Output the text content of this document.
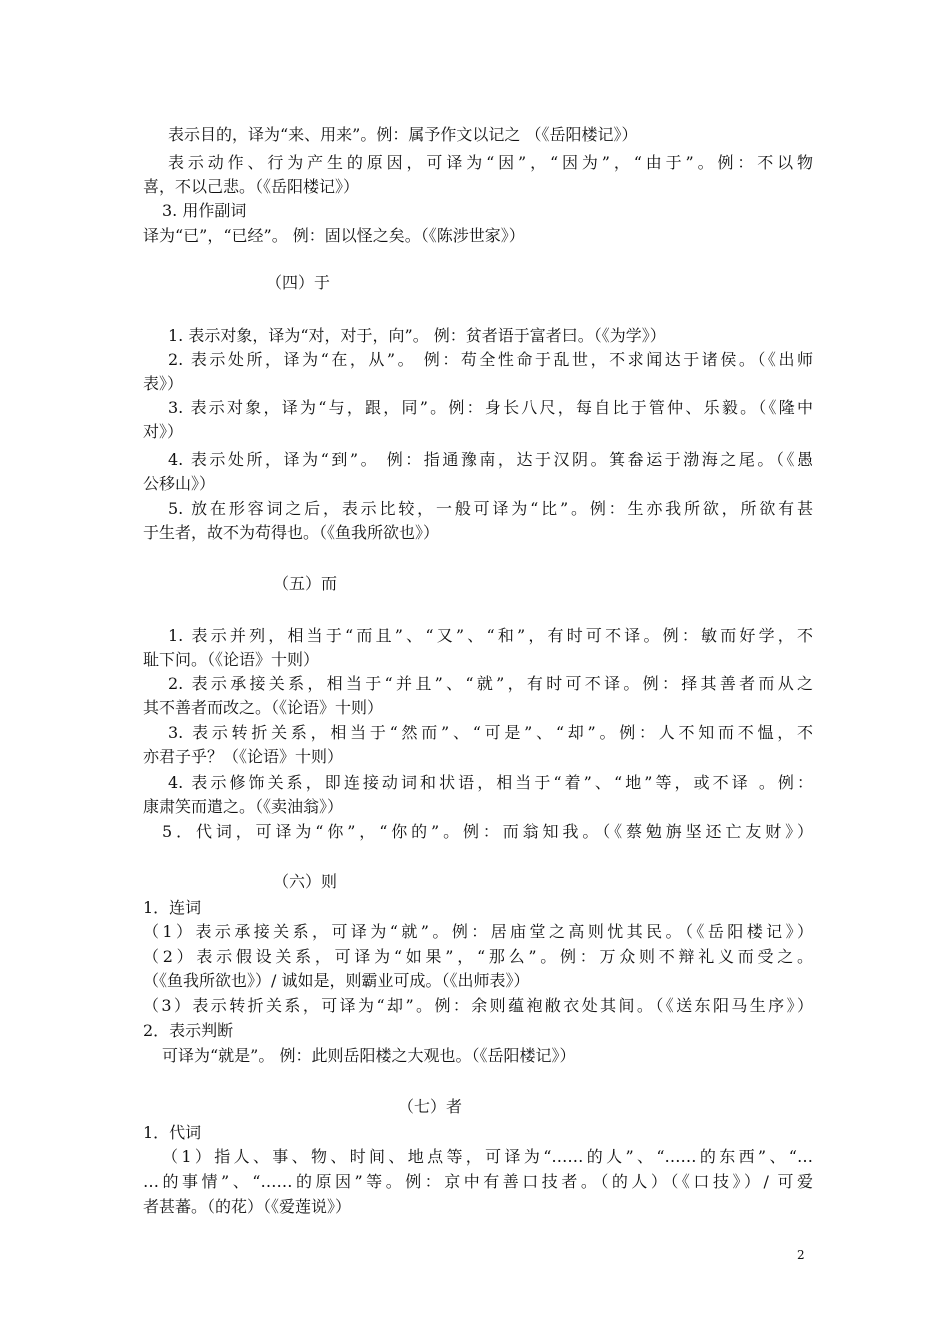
表示目的，译为“来、用来”。例：属予作文以记之 （《岳阳楼记》）
表示动作、行为产生的原因，可译为“因”，“因为”，“由于”。例：不以物
喜，不以己悲。（《岳阳楼记》）
3. 用作副词
译为“已”，“已经”。 例：固以怪之矣。（《陈涉世家》）
（四）于
1. 表示对象，译为“对，对于，向”。 例：贫者语于富者曰。（《为学》）
2. 表示处所，译为“在，从”。 例：苟全性命于乱世，不求闻达于诸侯。（《出师
表》）
3. 表示对象，译为“与，跟，同”。例：身长八尺，每自比于管仲、乐毅。（《隆中
对》）
4. 表示处所，译为“到”。 例：指通豫南，达于汉阴。箕畚运于渤海之尾。（《愚
公移山》）
5. 放在形容词之后，表示比较，一般可译为“比”。例：生亦我所欲，所欲有甚
于生者，故不为苟得也。（《鱼我所欲也》）
（五）而
1. 表示并列，相当于“而且”、“又”、“和”，有时可不译。例：敏而好学，不
耻下问。（《论语》十则）
2. 表示承接关系，相当于“并且”、“就”，有时可不译。例：择其善者而从之
其不善者而改之。（《论语》十则）
3. 表示转折关系，相当于“然而”、“可是”、“却”。例：人不知而不愠，不
亦君子乎？（《论语》十则）
4. 表示修饰关系，即连接动词和状语，相当于“着”、“地”等，或不译 。例：
康肃笑而遣之。（《卖油翁》）
5．代词，可译为“你”，“你的”。例：而翁知我。（《蔡勉旃坚还亡友财》）
（六）则
1．连词
（1）表示承接关系，可译为“就”。例：居庙堂之高则忧其民。（《岳阳楼记》）
（2）表示假设关系，可译为“如果”，“那么”。例：万众则不辩礼义而受之。
（《鱼我所欲也》）/ 诚如是，则霸业可成。（《出师表》）
（3）表示转折关系，可译为“却”。例：余则蕴袍敝衣处其间。（《送东阳马生序》）
2．表示判断
可译为“就是”。 例：此则岳阳楼之大观也。（《岳阳楼记》）
（七）者
1．代词
（1）指人、事、物、时间、地点等，可译为“……的人”、“……的东西”、“…
…的事情”、“……的原因”等。例：京中有善口技者。（的人）（《口技》）/ 可爱
者甚蕃。（的花）（《爱莲说》）
2
